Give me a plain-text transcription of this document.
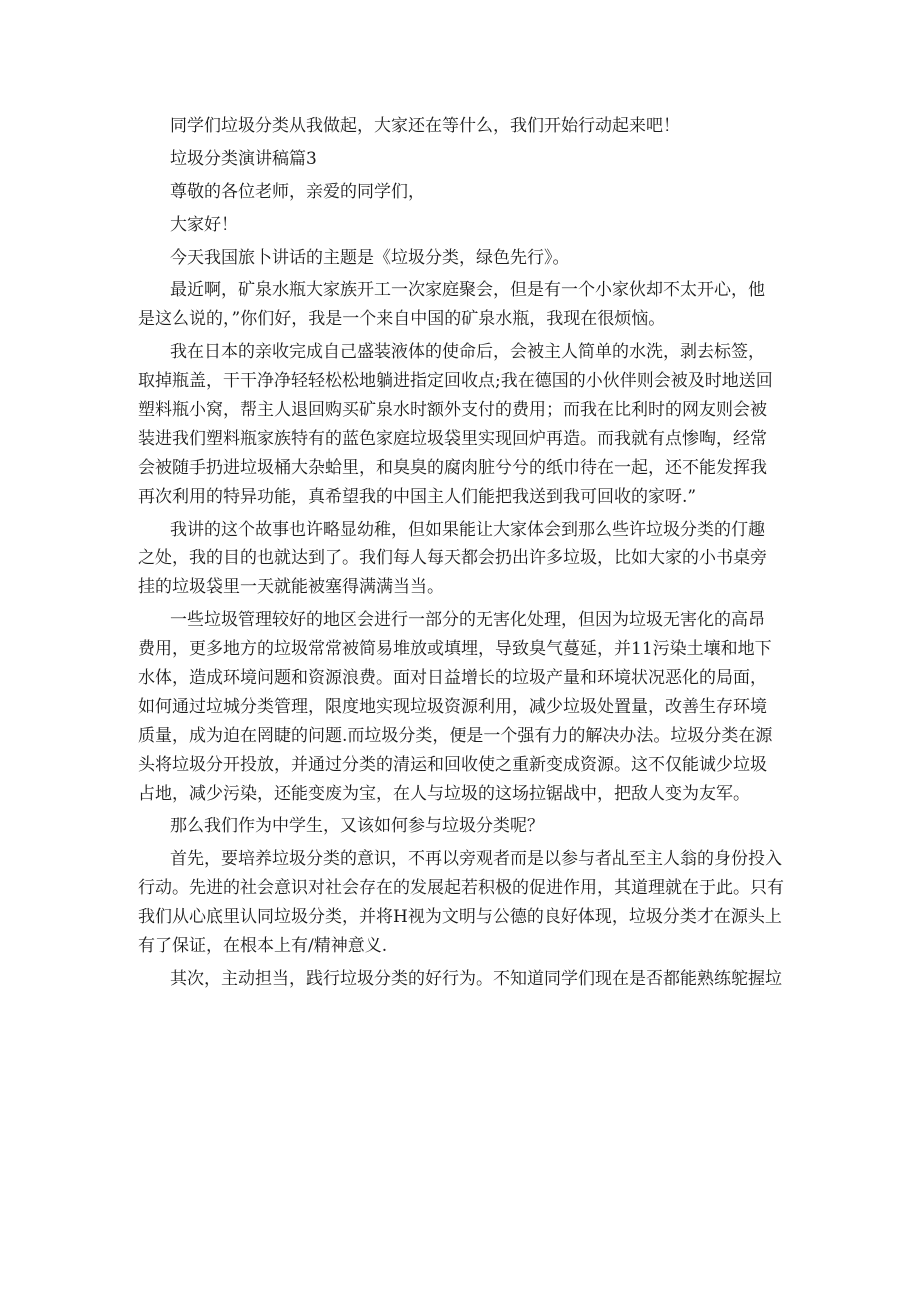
同学们垃圾分类从我做起，大家还在等什么，我们开始行动起来吧！
垃圾分类演讲稿篇3
尊敬的各位老师，亲爱的同学们，
大家好！
今天我国旅卜讲话的主题是《垃圾分类，绿色先行》。
最近啊，矿泉水瓶大家族开工一次家庭聚会，但是有一个小家伙却不太开心，他
是这么说的，”你们好，我是一个来自中国的矿泉水瓶，我现在很烦恼。
我在日本的亲收完成自己盛装液体的使命后，会被主人简单的水洗，剥去标签，
取掉瓶盖，干干净净轻轻松松地躺进指定回收点;我在德国的小伙伴则会被及时地送回
塑料瓶小窝，帮主人退回购买矿泉水时额外支付的费用；而我在比利时的网友则会被
装进我们塑料瓶家族特有的蓝色家庭垃圾袋里实现回炉再造。而我就有点惨啕，经常
会被随手扔进垃圾桶大杂蛤里，和臭臭的腐肉脏兮兮的纸巾待在一起，还不能发挥我
再次利用的特异功能，真希望我的中国主人们能把我送到我可回收的家呀.”
我讲的这个故事也许略显幼稚，但如果能让大家体会到那么些许垃圾分类的仃趣
之处，我的目的也就达到了。我们每人每天都会扔出许多垃圾，比如大家的小书桌旁
挂的垃圾袋里一天就能被塞得满满当当。
一些垃圾管理较好的地区会进行一部分的无害化处理，但因为垃圾无害化的高昂
费用，更多地方的垃圾常常被简易堆放或填埋，导致臭气蔓延，并11污染土壤和地下
水体，造成环境问题和资源浪费。面对日益增长的垃圾产量和环境状况恶化的局面，
如何通过垃城分类管理，限度地实现垃圾资源利用，减少垃圾处置量，改善生存环境
质量，成为迫在罔睫的问题.而垃圾分类，便是一个强有力的解决办法。垃圾分类在源
头将垃圾分开投放，并通过分类的清运和回收使之重新变成资源。这不仅能诚少垃圾
占地，减少污染，还能变废为宝，在人与垃圾的这场拉锯战中，把敌人变为友军。
那么我们作为中学生，又该如何参与垃圾分类呢？
首先，要培养垃圾分类的意识，不再以旁观者而是以参与者乩至主人翁的身份投入
行动。先进的社会意识对社会存在的发展起若积极的促进作用，其道理就在于此。只有
我们从心底里认同垃圾分类，并将H视为文明与公德的良好体现，垃圾分类才在源头上
有了保证，在根本上有/精神意义.
其次，主动担当，践行垃圾分类的好行为。不知道同学们现在是否都能熟练鸵握垃
